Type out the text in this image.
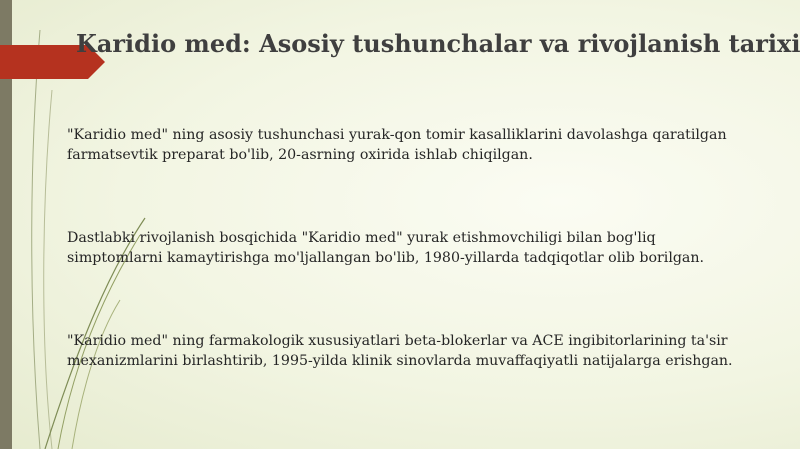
Karidio med: Asosiy tushunchalar va rivojlanish tarixi

"Karidio med" ning asosiy tushunchasi yurak-qon tomir kasalliklarini davolashga qaratilgan
farmatsevtik preparat bo'lib, 20-asrning oxirida ishlab chiqilgan.

Dastlabki rivojlanish bosqichida "Karidio med" yurak etishmovchiligi bilan bog'liq
simptomlarni kamaytirishga mo'ljallangan bo'lib, 1980-yillarda tadqiqotlar olib borilgan.

"Karidio med" ning farmakologik xususiyatlari beta-blokerlar va ACE ingibitorlarining ta'sir
mexanizmlarini birlashtirib, 1995-yilda klinik sinovlarda muvaffaqiyatli natijalarga erishgan.
